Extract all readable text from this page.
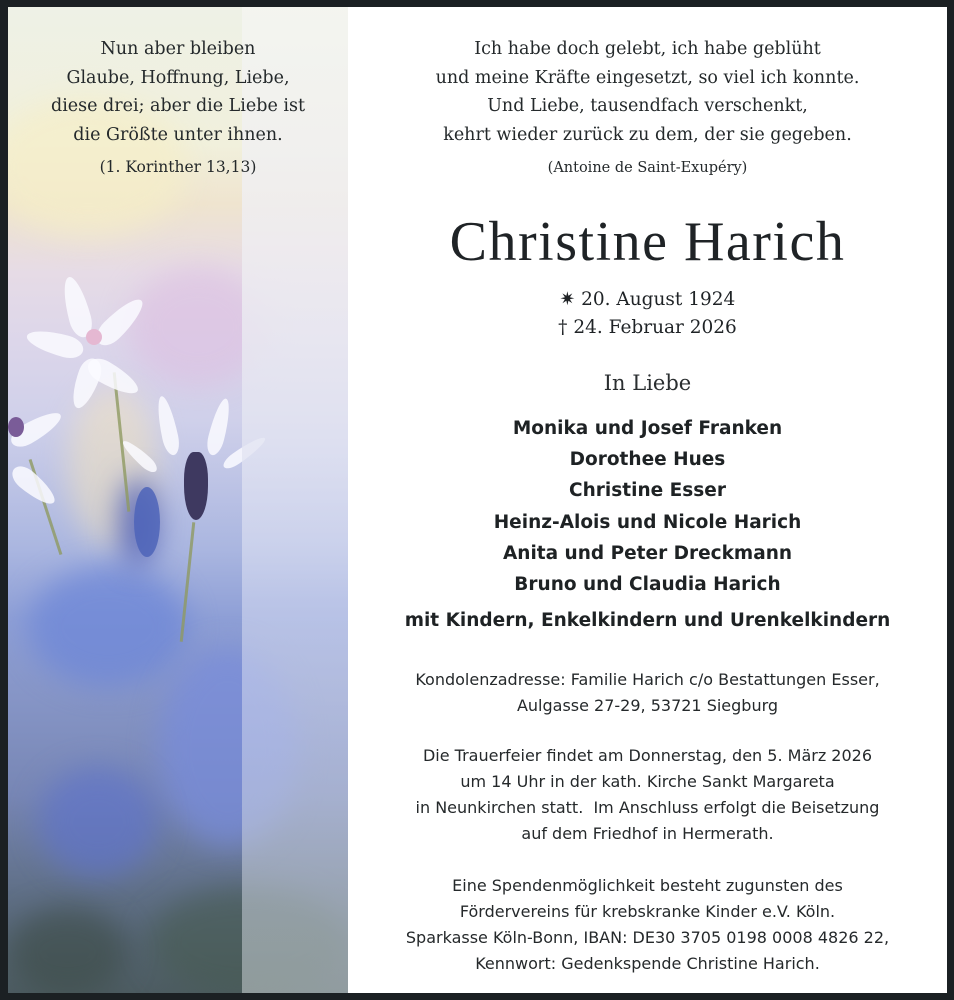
Nun aber bleiben
Glaube, Hoffnung, Liebe,
diese drei; aber die Liebe ist
die Größte unter ihnen.
(1. Korinther 13,13)
Ich habe doch gelebt, ich habe geblüht
und meine Kräfte eingesetzt, so viel ich konnte.
Und Liebe, tausendfach verschenkt,
kehrt wieder zurück zu dem, der sie gegeben.
(Antoine de Saint-Exupéry)
Christine Harich
✷ 20. August 1924
† 24. Februar 2026
In Liebe
Monika und Josef Franken
Dorothee Hues
Christine Esser
Heinz-Alois und Nicole Harich
Anita und Peter Dreckmann
Bruno und Claudia Harich
mit Kindern, Enkelkindern und Urenkelkindern
Kondolenzadresse: Familie Harich c/o Bestattungen Esser,
Aulgasse 27-29, 53721 Siegburg
Die Trauerfeier findet am Donnerstag, den 5. März 2026
um 14 Uhr in der kath. Kirche Sankt Margareta
in Neunkirchen statt.  Im Anschluss erfolgt die Beisetzung
auf dem Friedhof in Hermerath.
Eine Spendenmöglichkeit besteht zugunsten des
Fördervereins für krebskranke Kinder e.V. Köln.
Sparkasse Köln-Bonn, IBAN: DE30 3705 0198 0008 4826 22,
Kennwort: Gedenkspende Christine Harich.
